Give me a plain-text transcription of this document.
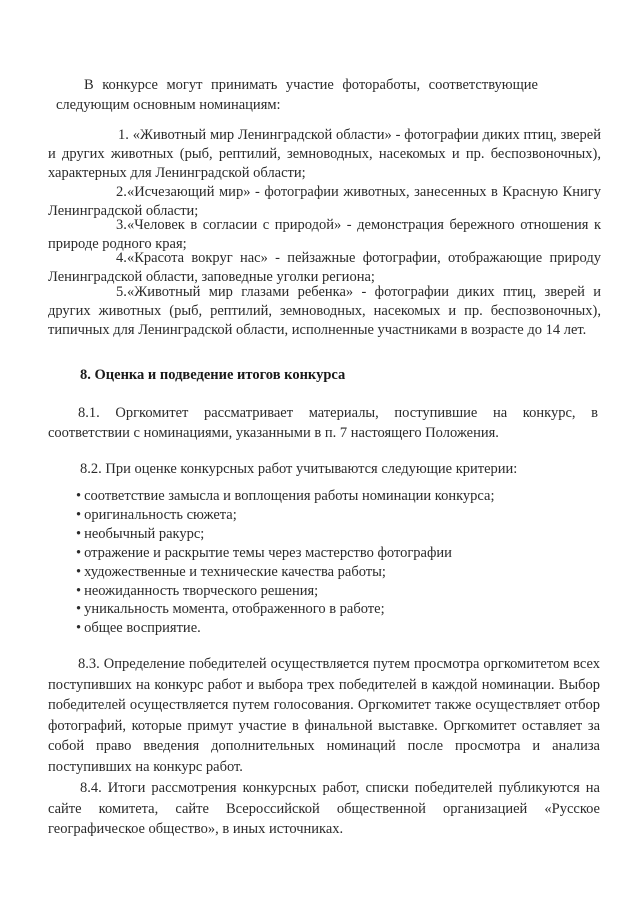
В конкурсе могут принимать участие фотоработы, соответствующие следующим основным номинациям:
1. «Животный мир Ленинградской области» - фотографии диких птиц, зверей и других животных (рыб, рептилий, земноводных, насекомых и пр. беспозвоночных), характерных для Ленинградской области;
2.«Исчезающий мир» - фотографии животных, занесенных в Красную Книгу Ленинградской области;
3.«Человек в согласии с природой» - демонстрация бережного отношения к природе родного края;
4.«Красота вокруг нас» - пейзажные фотографии, отображающие природу Ленинградской области, заповедные уголки региона;
5.«Животный мир глазами ребенка» - фотографии диких птиц, зверей и других животных (рыб, рептилий, земноводных, насекомых и пр. беспозвоночных), типичных для Ленинградской области, исполненные участниками в возрасте до 14 лет.
8. Оценка и подведение итогов конкурса
8.1. Оргкомитет рассматривает материалы, поступившие на конкурс, в соответствии с номинациями, указанными в п. 7 настоящего Положения.
8.2. При оценке конкурсных работ учитываются следующие критерии:
• соответствие замысла и воплощения работы номинации конкурса;
• оригинальность сюжета;
• необычный ракурс;
• отражение и раскрытие темы через мастерство фотографии
• художественные и технические качества работы;
• неожиданность творческого решения;
• уникальность момента, отображенного в работе;
• общее восприятие.
8.3. Определение победителей осуществляется путем просмотра оргкомитетом всех поступивших на конкурс работ и выбора трех победителей в каждой номинации. Выбор победителей осуществляется путем голосования. Оргкомитет также осуществляет отбор фотографий, которые примут участие в финальной выставке. Оргкомитет оставляет за собой право введения дополнительных номинаций после просмотра и анализа поступивших на конкурс работ.
8.4. Итоги рассмотрения конкурсных работ, списки победителей публикуются на сайте комитета, сайте Всероссийской общественной организацией «Русское географическое общество», в иных источниках.
